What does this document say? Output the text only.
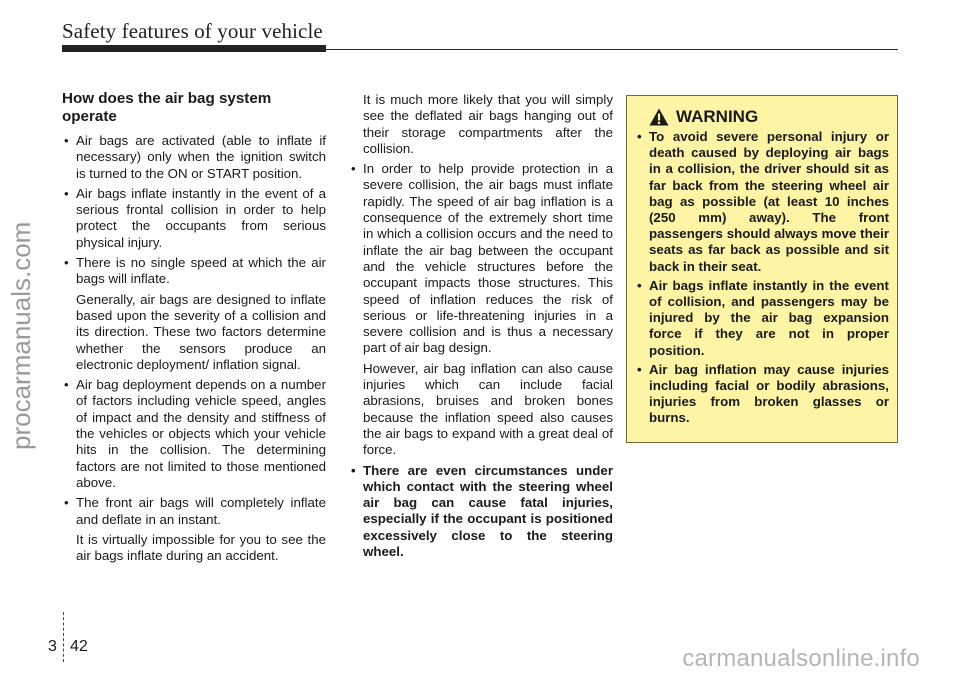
Safety features of your vehicle
procarmanuals.com
How does the air bag system operate

• Air bags are activated (able to inflate if necessary) only when the ignition switch is turned to the ON or START position.

• Air bags inflate instantly in the event of a serious frontal collision in order to help protect the occupants from serious physical injury.

• There is no single speed at which the air bags will inflate.

Generally, air bags are designed to inflate based upon the severity of a collision and its direction. These two factors determine whether the sensors produce an electronic deployment/ inflation signal.

• Air bag deployment depends on a number of factors including vehicle speed, angles of impact and the density and stiffness of the vehicles or objects which your vehicle hits in the collision. The determining factors are not limited to those mentioned above.

• The front air bags will completely inflate and deflate in an instant.

It is virtually impossible for you to see the air bags inflate during an accident.

It is much more likely that you will simply see the deflated air bags hanging out of their storage compartments after the collision.

• In order to help provide protection in a severe collision, the air bags must inflate rapidly. The speed of air bag inflation is a consequence of the extremely short time in which a collision occurs and the need to inflate the air bag between the occupant and the vehicle structures before the occupant impacts those structures. This speed of inflation reduces the risk of serious or life-threatening injuries in a severe collision and is thus a necessary part of air bag design.

However, air bag inflation can also cause injuries which can include facial abrasions, bruises and broken bones because the inflation speed also causes the air bags to expand with a great deal of force.

• There are even circumstances under which contact with the steering wheel air bag can cause fatal injuries, especially if the occupant is positioned excessively close to the steering wheel.

WARNING

• To avoid severe personal injury or death caused by deploying air bags in a collision, the driver should sit as far back from the steering wheel air bag as possible (at least 10 inches (250 mm) away). The front passengers should always move their seats as far back as possible and sit back in their seat.

• Air bags inflate instantly in the event of collision, and passengers may be injured by the air bag expansion force if they are not in proper position.

• Air bag inflation may cause injuries including facial or bodily abrasions, injuries from broken glasses or burns.

3 42	carmanualsonline.info
